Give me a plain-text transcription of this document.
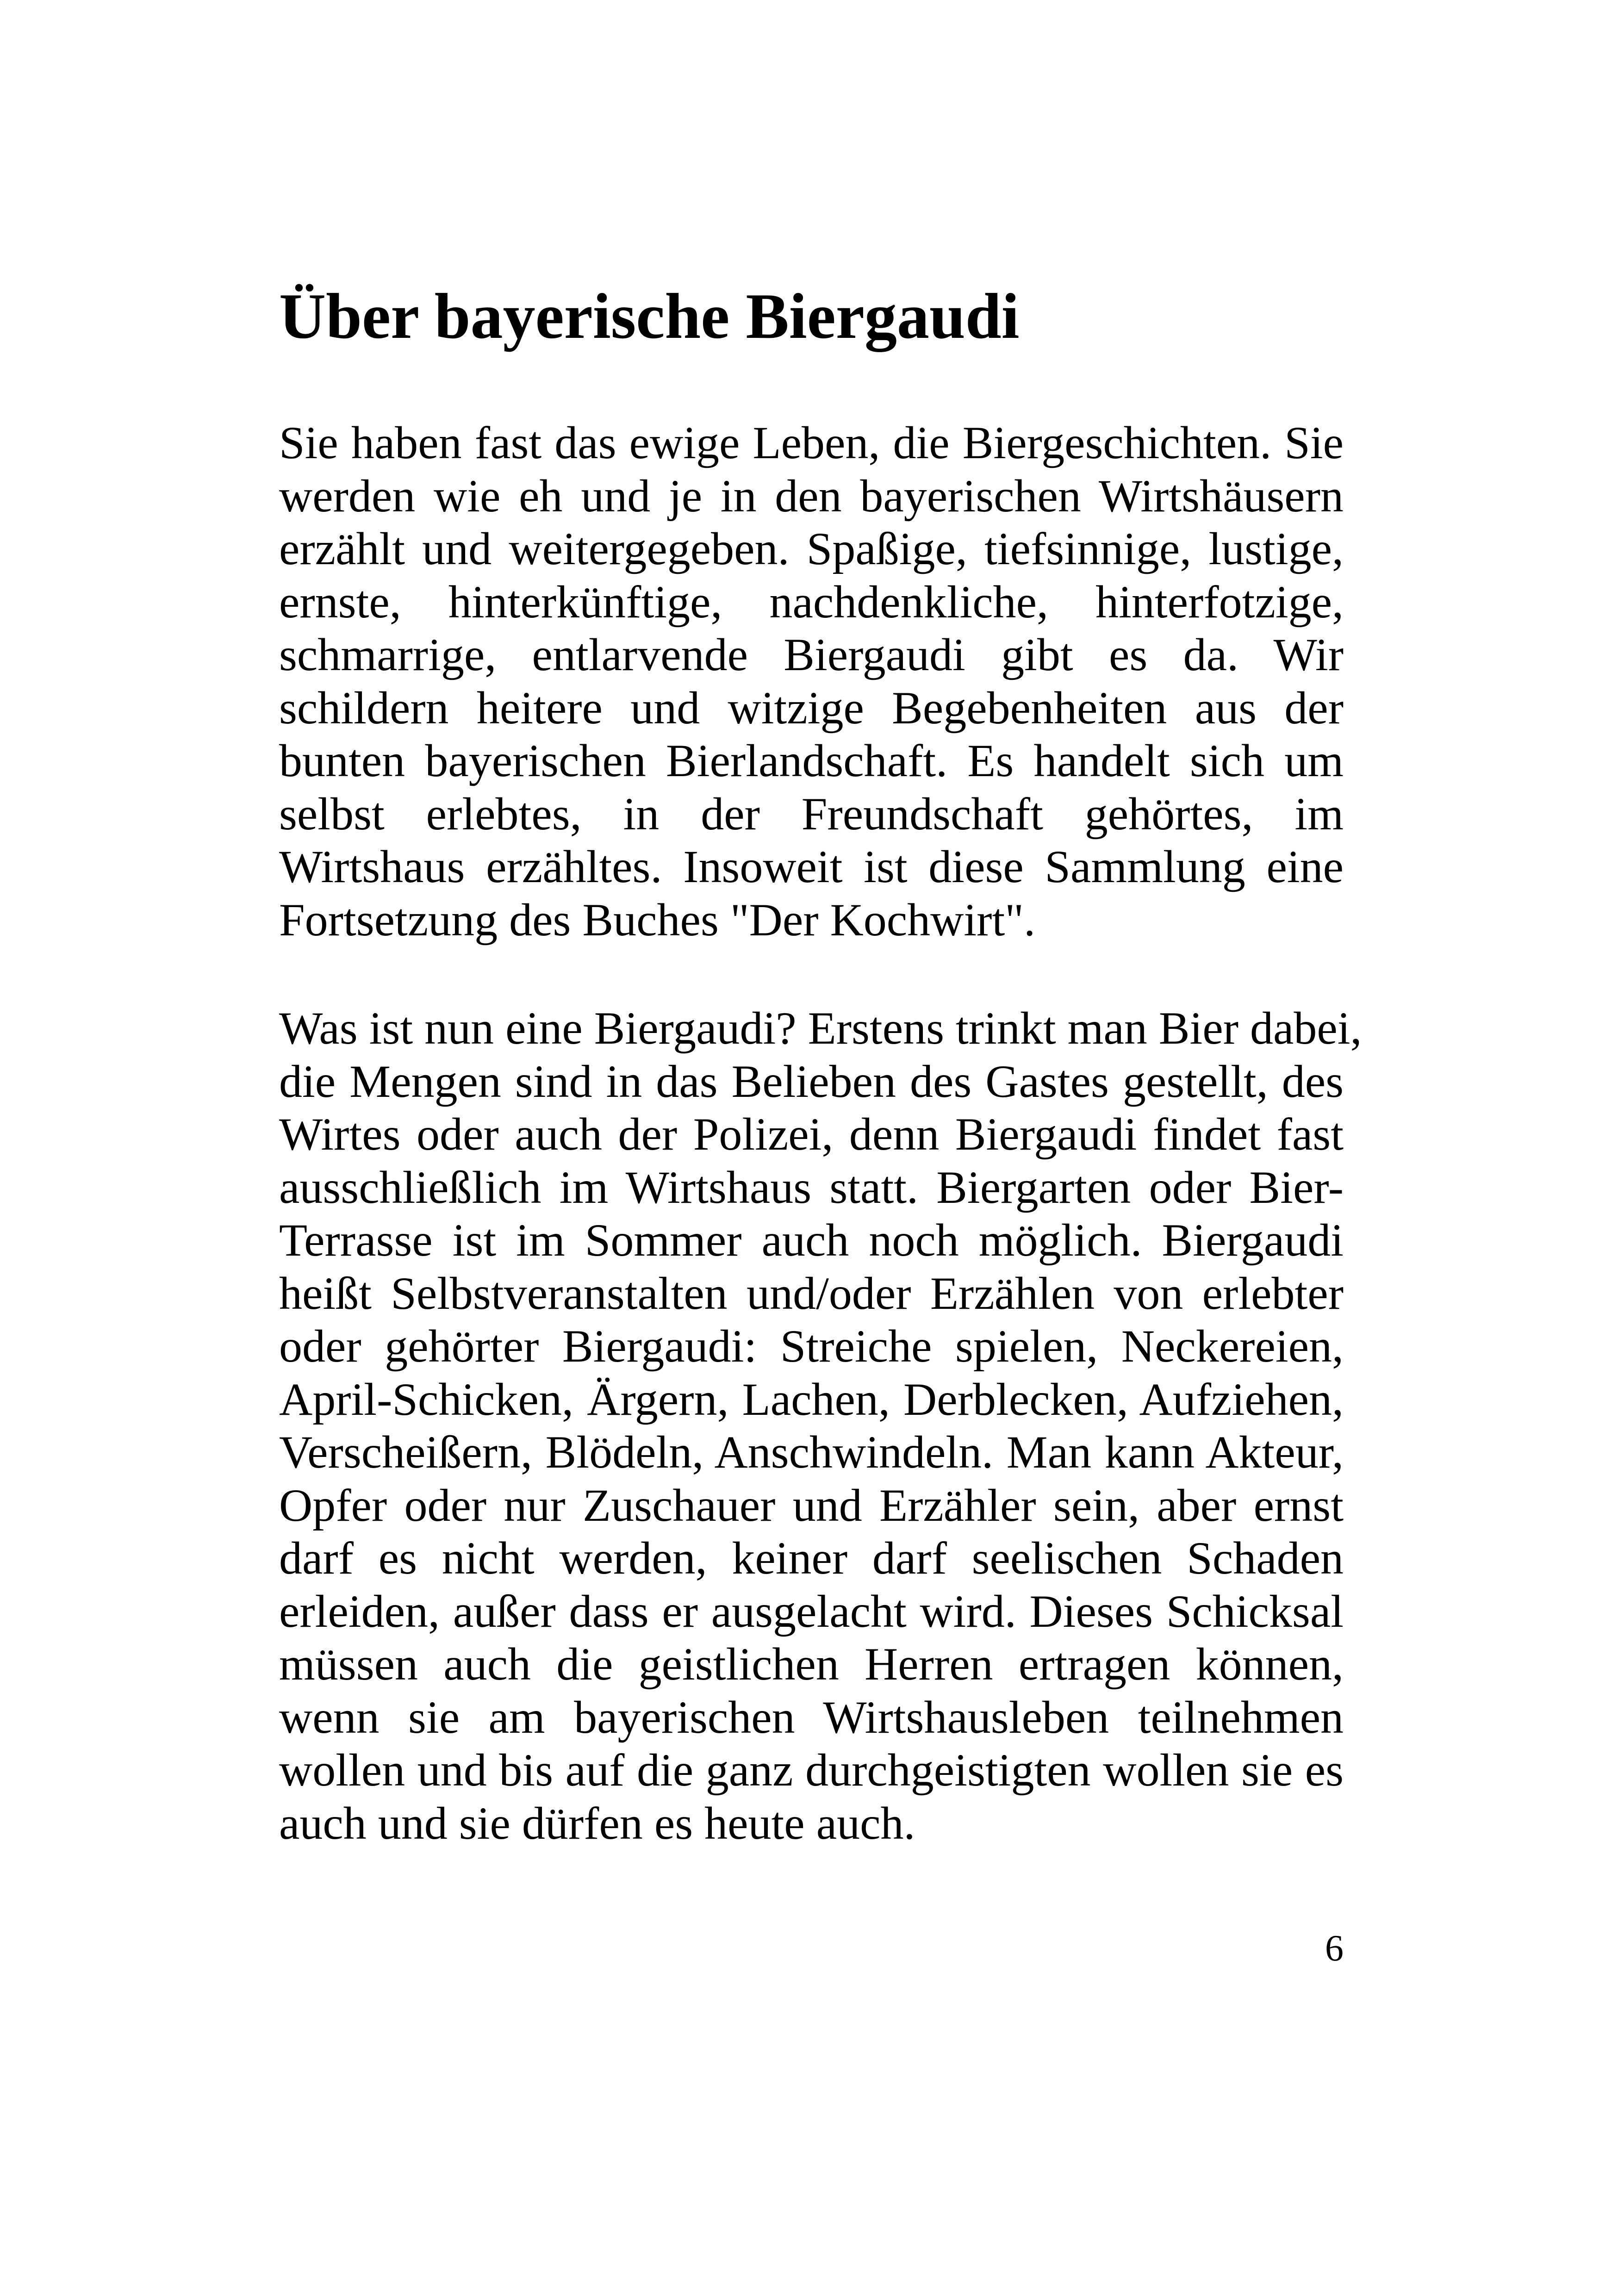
Über bayerische Biergaudi
Sie haben fast das ewige Leben, die Biergeschichten. Sie
werden wie eh und je in den bayerischen Wirtshäusern
erzählt und weitergegeben. Spaßige, tiefsinnige, lustige,
ernste, hinterkünftige, nachdenkliche, hinterfotzige,
schmarrige, entlarvende Biergaudi gibt es da. Wir
schildern heitere und witzige Begebenheiten aus der
bunten bayerischen Bierlandschaft. Es handelt sich um
selbst erlebtes, in der Freundschaft gehörtes, im
Wirtshaus erzähltes. Insoweit ist diese Sammlung eine
Fortsetzung des Buches "Der Kochwirt".
Was ist nun eine Biergaudi? Erstens trinkt man Bier dabei,
die Mengen sind in das Belieben des Gastes gestellt, des
Wirtes oder auch der Polizei, denn Biergaudi findet fast
ausschließlich im Wirtshaus statt. Biergarten oder Bier-
Terrasse ist im Sommer auch noch möglich. Biergaudi
heißt Selbstveranstalten und/oder Erzählen von erlebter
oder gehörter Biergaudi: Streiche spielen, Neckereien,
April-Schicken, Ärgern, Lachen, Derblecken, Aufziehen,
Verscheißern, Blödeln, Anschwindeln. Man kann Akteur,
Opfer oder nur Zuschauer und Erzähler sein, aber ernst
darf es nicht werden, keiner darf seelischen Schaden
erleiden, außer dass er ausgelacht wird. Dieses Schicksal
müssen auch die geistlichen Herren ertragen können,
wenn sie am bayerischen Wirtshausleben teilnehmen
wollen und bis auf die ganz durchgeistigten wollen sie es
auch und sie dürfen es heute auch.
6
